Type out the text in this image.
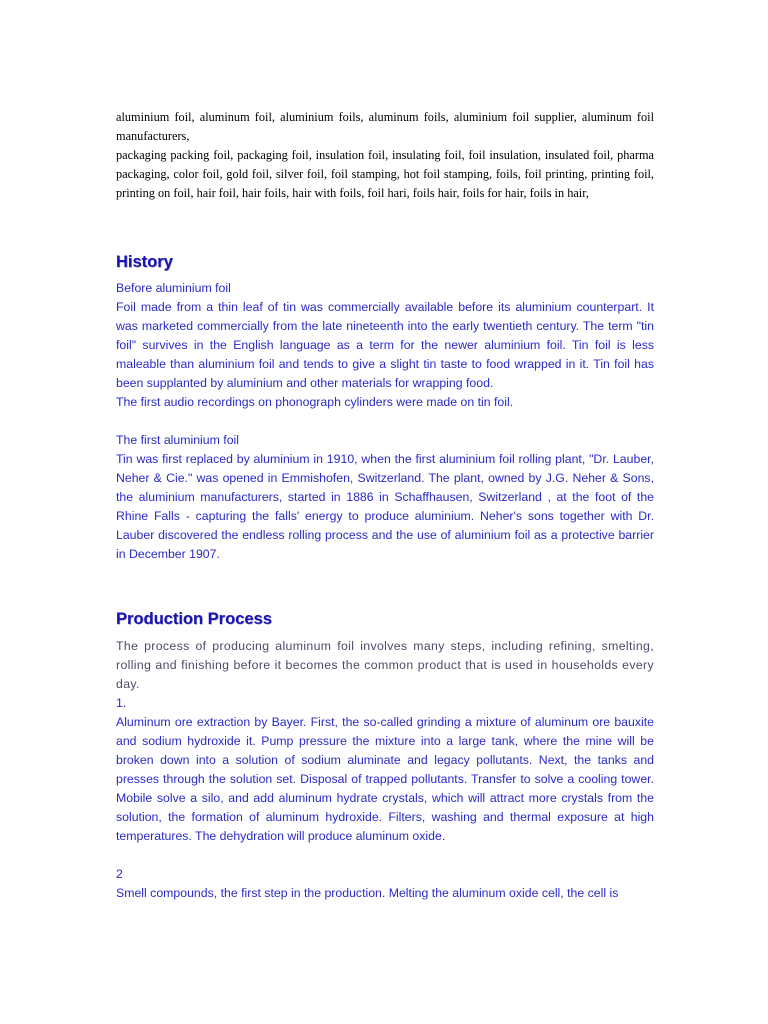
aluminium foil, aluminum foil, aluminium foils, aluminum foils, aluminium foil supplier, aluminum foil manufacturers,

packaging packing foil, packaging foil, insulation foil, insulating foil, foil insulation, insulated foil, pharma packaging, color foil, gold foil, silver foil, foil stamping, hot foil stamping, foils, foil printing, printing foil, printing on foil, hair foil, hair foils, hair with foils, foil hari, foils hair, foils for hair, foils in hair,

History

Before aluminium foil

Foil made from a thin leaf of tin was commercially available before its aluminium counterpart. It was marketed commercially from the late nineteenth into the early twentieth century. The term "tin foil" survives in the English language as a term for the newer aluminium foil. Tin foil is less maleable than aluminium foil and tends to give a slight tin taste to food wrapped in it. Tin foil has been supplanted by aluminium and other materials for wrapping food.

The first audio recordings on phonograph cylinders were made on tin foil.

The first aluminium foil

Tin was first replaced by aluminium in 1910, when the first aluminium foil rolling plant, "Dr. Lauber, Neher & Cie." was opened in Emmishofen, Switzerland. The plant, owned by J.G. Neher & Sons, the aluminium manufacturers, started in 1886 in Schaffhausen, Switzerland , at the foot of the Rhine Falls - capturing the falls' energy to produce aluminium. Neher's sons together with Dr. Lauber discovered the endless rolling process and the use of aluminium foil as a protective barrier in December 1907.

Production Process

The process of producing aluminum foil involves many steps, including refining, smelting, rolling and finishing before it becomes the common product that is used in households every day.

1.

Aluminum ore extraction by Bayer. First, the so-called grinding a mixture of aluminum ore bauxite and sodium hydroxide it. Pump pressure the mixture into a large tank, where the mine will be broken down into a solution of sodium aluminate and legacy pollutants. Next, the tanks and presses through the solution set. Disposal of trapped pollutants. Transfer to solve a cooling tower. Mobile solve a silo, and add aluminum hydrate crystals, which will attract more crystals from the solution, the formation of aluminum hydroxide. Filters, washing and thermal exposure at high temperatures. The dehydration will produce aluminum oxide.

2

Smell compounds, the first step in the production. Melting the aluminum oxide cell, the cell is
